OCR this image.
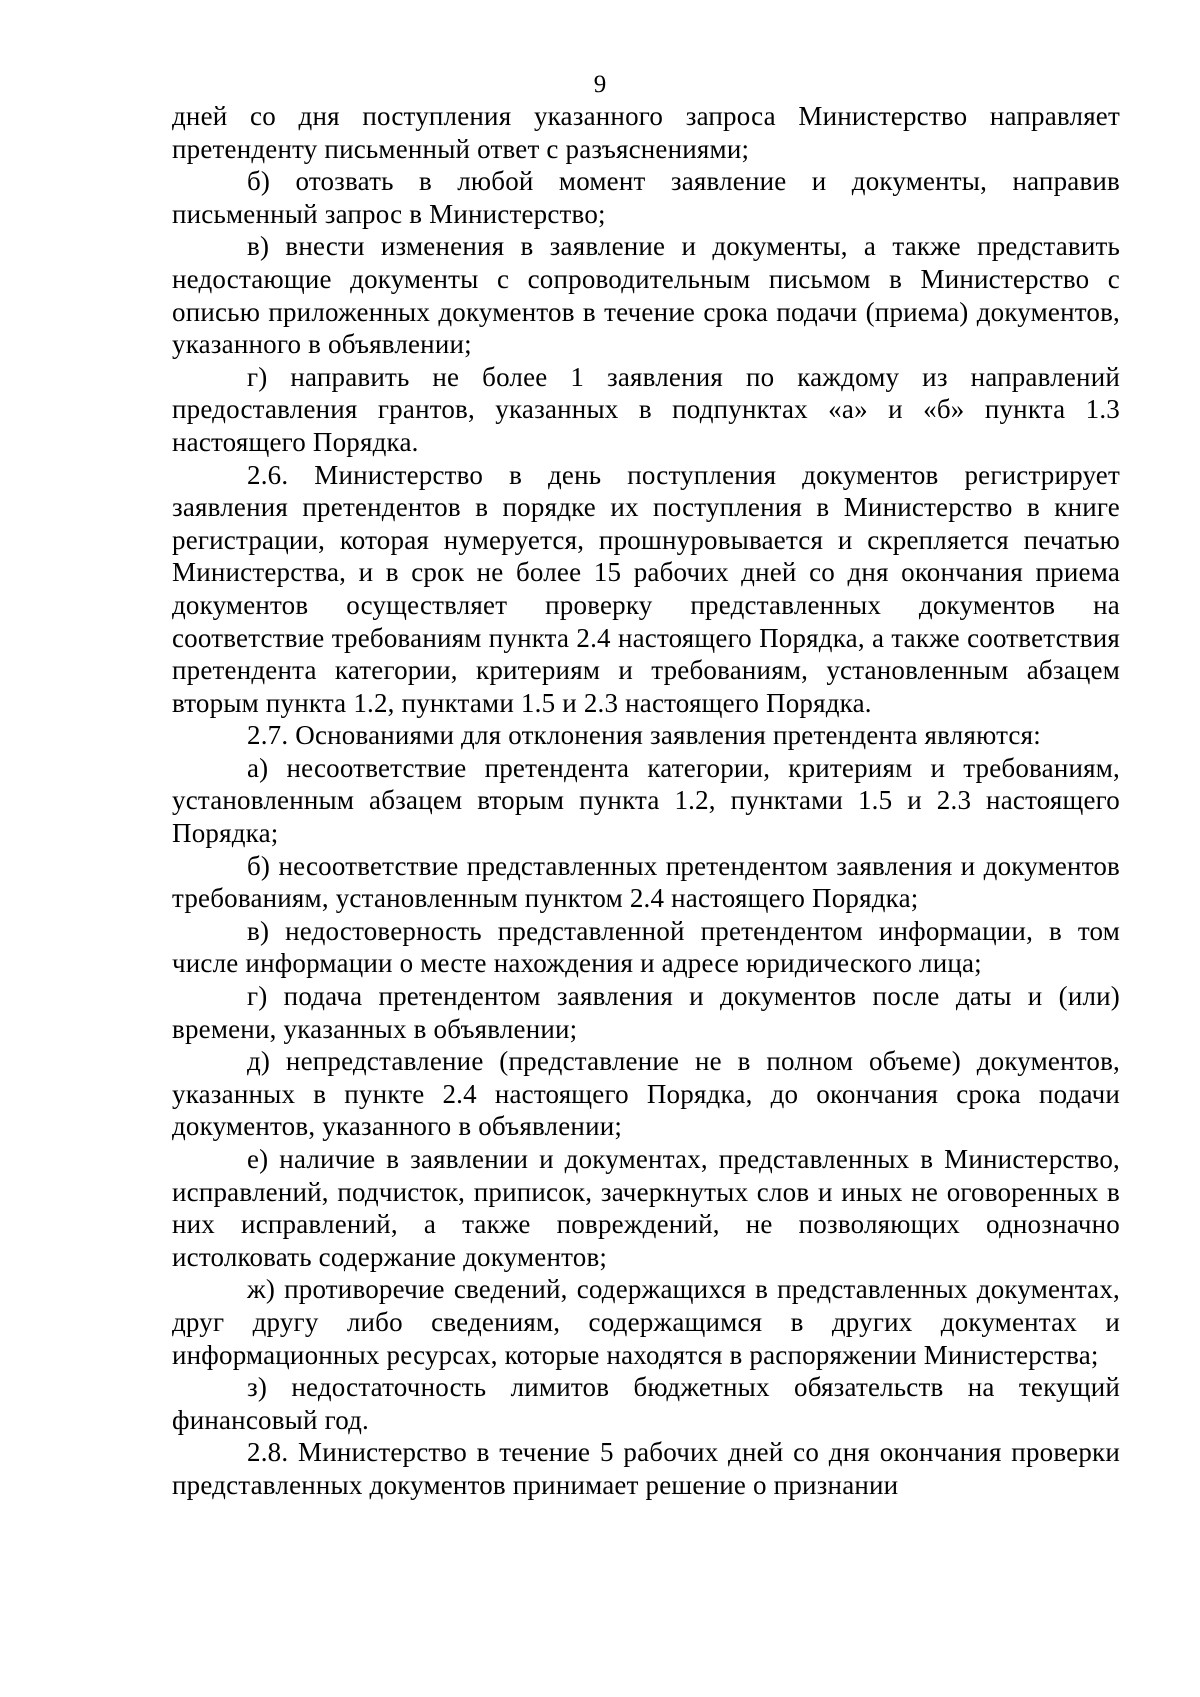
9

дней со дня поступления указанного запроса Министерство направляет претенденту письменный ответ с разъяснениями;

б) отозвать в любой момент заявление и документы, направив письменный запрос в Министерство;

в) внести изменения в заявление и документы, а также представить недостающие документы с сопроводительным письмом в Министерство с описью приложенных документов в течение срока подачи (приема) документов, указанного в объявлении;

г) направить не более 1 заявления по каждому из направлений предоставления грантов, указанных в подпунктах «а» и «б» пункта 1.3 настоящего Порядка.

2.6. Министерство в день поступления документов регистрирует заявления претендентов в порядке их поступления в Министерство в книге регистрации, которая нумеруется, прошнуровывается и скрепляется печатью Министерства, и в срок не более 15 рабочих дней со дня окончания приема документов осуществляет проверку представленных документов на соответствие требованиям пункта 2.4 настоящего Порядка, а также соответствия претендента категории, критериям и требованиям, установленным абзацем вторым пункта 1.2, пунктами 1.5 и 2.3 настоящего Порядка.

2.7. Основаниями для отклонения заявления претендента являются:

а) несоответствие претендента категории, критериям и требованиям, установленным абзацем вторым пункта 1.2, пунктами 1.5 и 2.3 настоящего Порядка;

б) несоответствие представленных претендентом заявления и документов требованиям, установленным пунктом 2.4 настоящего Порядка;

в) недостоверность представленной претендентом информации, в том числе информации о месте нахождения и адресе юридического лица;

г) подача претендентом заявления и документов после даты и (или) времени, указанных в объявлении;

д) непредставление (представление не в полном объеме) документов, указанных в пункте 2.4 настоящего Порядка, до окончания срока подачи документов, указанного в объявлении;

е) наличие в заявлении и документах, представленных в Министерство, исправлений, подчисток, приписок, зачеркнутых слов и иных не оговоренных в них исправлений, а также повреждений, не позволяющих однозначно истолковать содержание документов;

ж) противоречие сведений, содержащихся в представленных документах, друг другу либо сведениям, содержащимся в других документах и информационных ресурсах, которые находятся в распоряжении Министерства;

з) недостаточность лимитов бюджетных обязательств на текущий финансовый год.

2.8. Министерство в течение 5 рабочих дней со дня окончания проверки представленных документов принимает решение о признании
